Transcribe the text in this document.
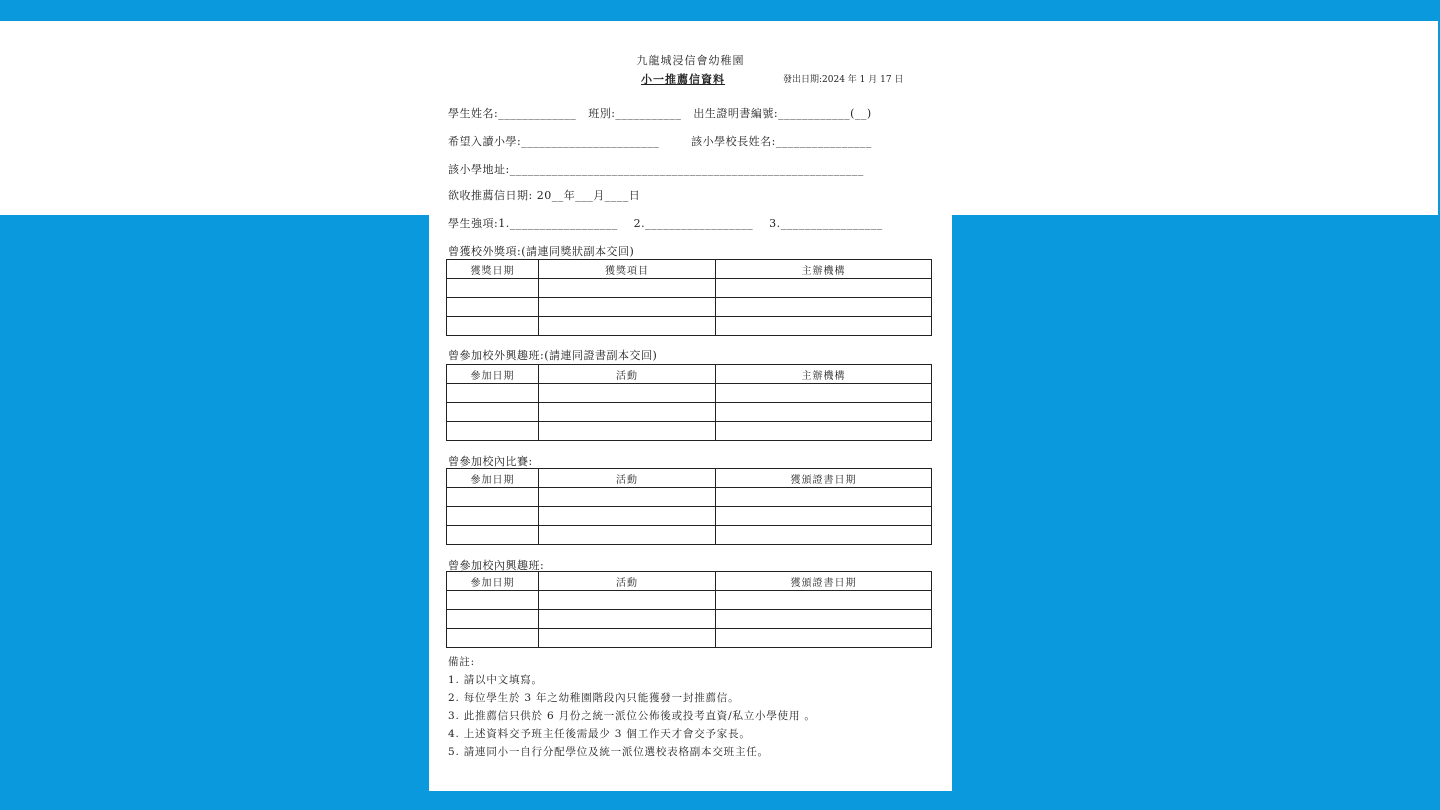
九龍城浸信會幼稚園
小一推薦信資料	發出日期:2024 年 1 月 17 日
學生姓名:_____________   班別:___________   出生證明書編號:____________(__)
希望入讀小學:_______________________        該小學校長姓名:________________
該小學地址:___________________________________________________________
欲收推薦信日期: 20__年___月____日
學生強項:1.__________________    2.__________________    3._________________
曾獲校外獎項:(請連同獎狀副本交回)
獲獎日期	獲獎項目	主辦機構

曾參加校外興趣班:(請連同證書副本交回)
參加日期	活動	主辦機構

曾參加校內比賽:
參加日期	活動	獲頒證書日期

曾參加校內興趣班:
參加日期	活動	獲頒證書日期

備註:
1. 請以中文填寫。
2. 每位學生於 3 年之幼稚園階段內只能獲發一封推薦信。
3. 此推薦信只供於 6 月份之統一派位公佈後或投考直資/私立小學使用 。
4. 上述資料交予班主任後需最少 3 個工作天才會交予家長。
5. 請連同小一自行分配學位及統一派位選校表格副本交班主任。
